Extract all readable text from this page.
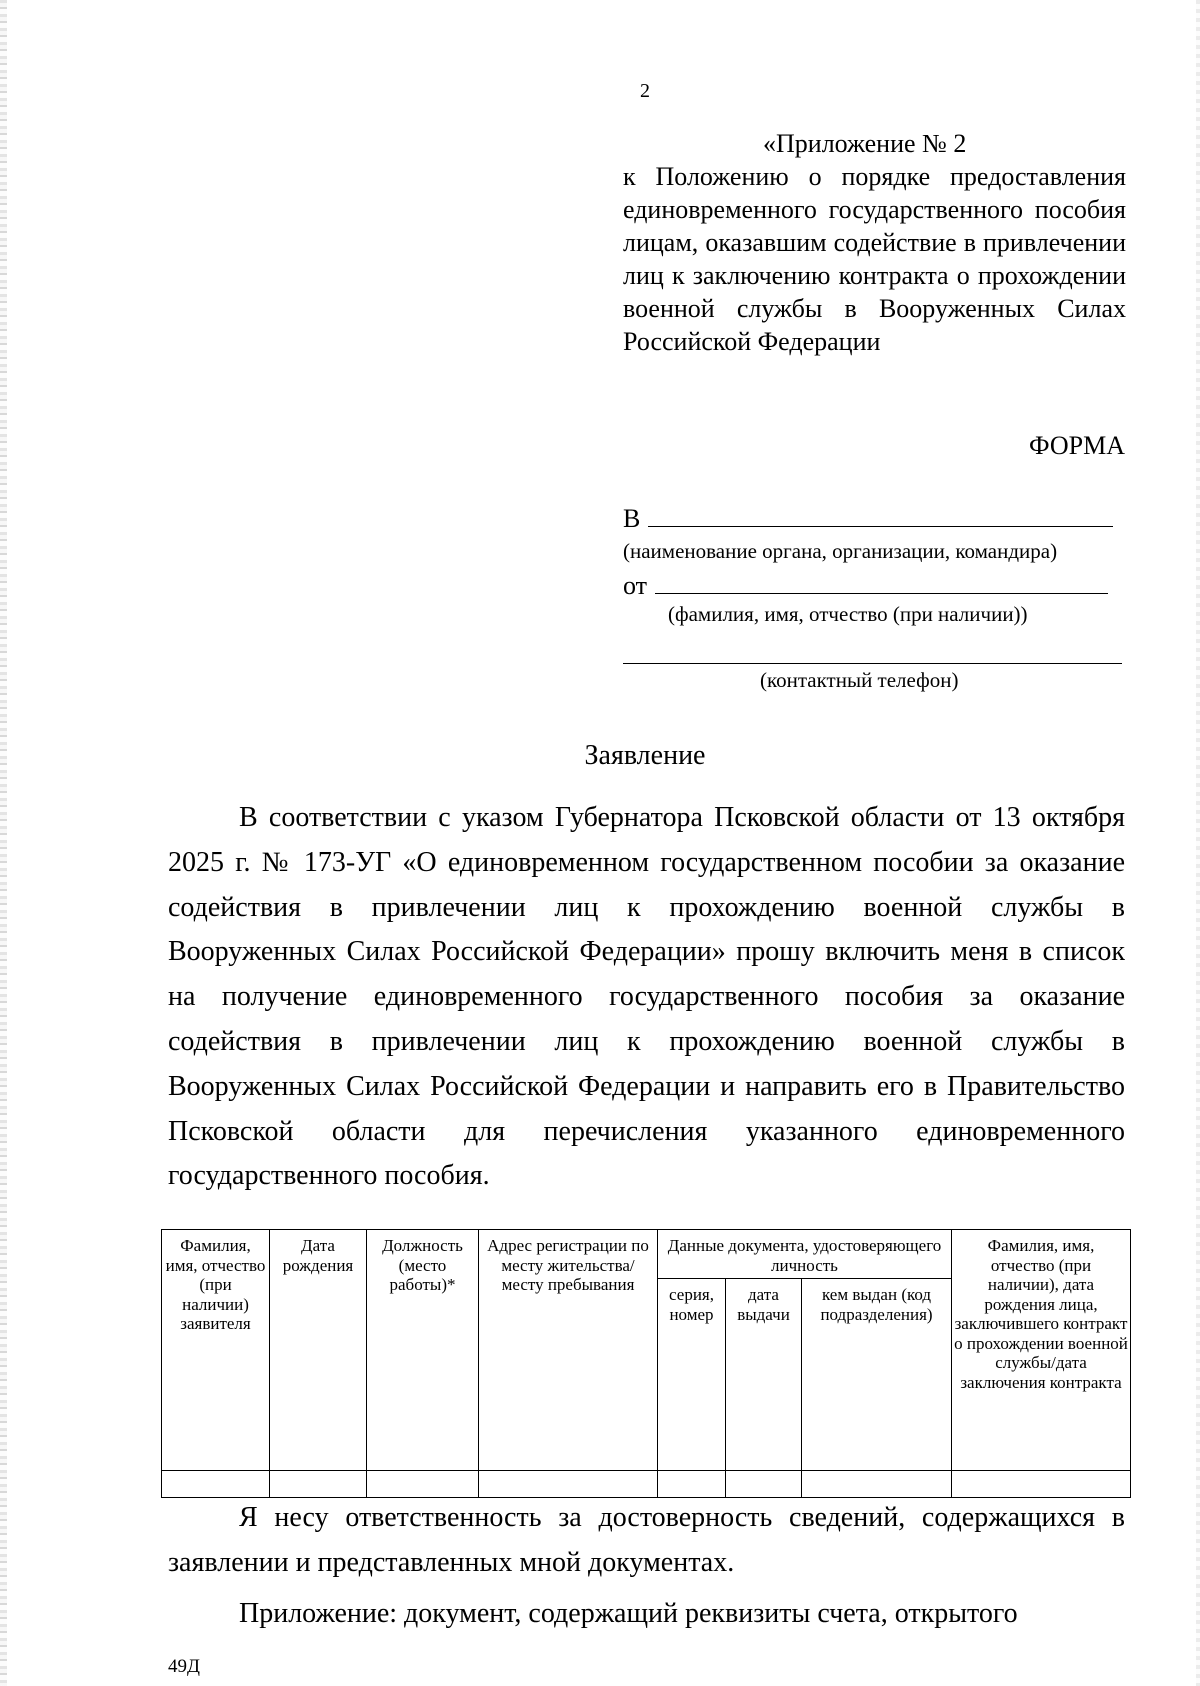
2
«Приложение № 2
к Положению о порядке предоставления единовременного государственного пособия лицам, оказавшим содействие в привлечении лиц к заключению контракта о прохождении военной службы в Вооруженных Силах Российской Федерации
ФОРМА
В
(наименование органа, организации, командира)
от
(фамилия, имя, отчество (при наличии))
(контактный телефон)
Заявление

В соответствии с указом Губернатора Псковской области от 13 октября 2025 г. № 173-УГ «О единовременном государственном пособии за оказание содействия в привлечении лиц к прохождению военной службы в Вооруженных Силах Российской Федерации» прошу включить меня в список на получение единовременного государственного пособия за оказание содействия в привлечении лиц к прохождению военной службы в Вооруженных Силах Российской Федерации и направить его в Правительство Псковской области для перечисления указанного единовременного государственного пособия.

Фамилия, имя, отчество (при наличии) заявителя	Дата рождения	Должность (место работы)*	Адрес регистрации по месту жительства/месту пребывания	Данные документа, удостоверяющего личность			Фамилия, имя, отчество (при наличии), дата рождения лица, заключившего контракт о прохождении военной службы/дата заключения контракта
				серия, номер	дата выдачи	кем выдан (код подразделения)	

Я несу ответственность за достоверность сведений, содержащихся в заявлении и представленных мной документах.

Приложение: документ, содержащий реквизиты счета, открытого

49Д
